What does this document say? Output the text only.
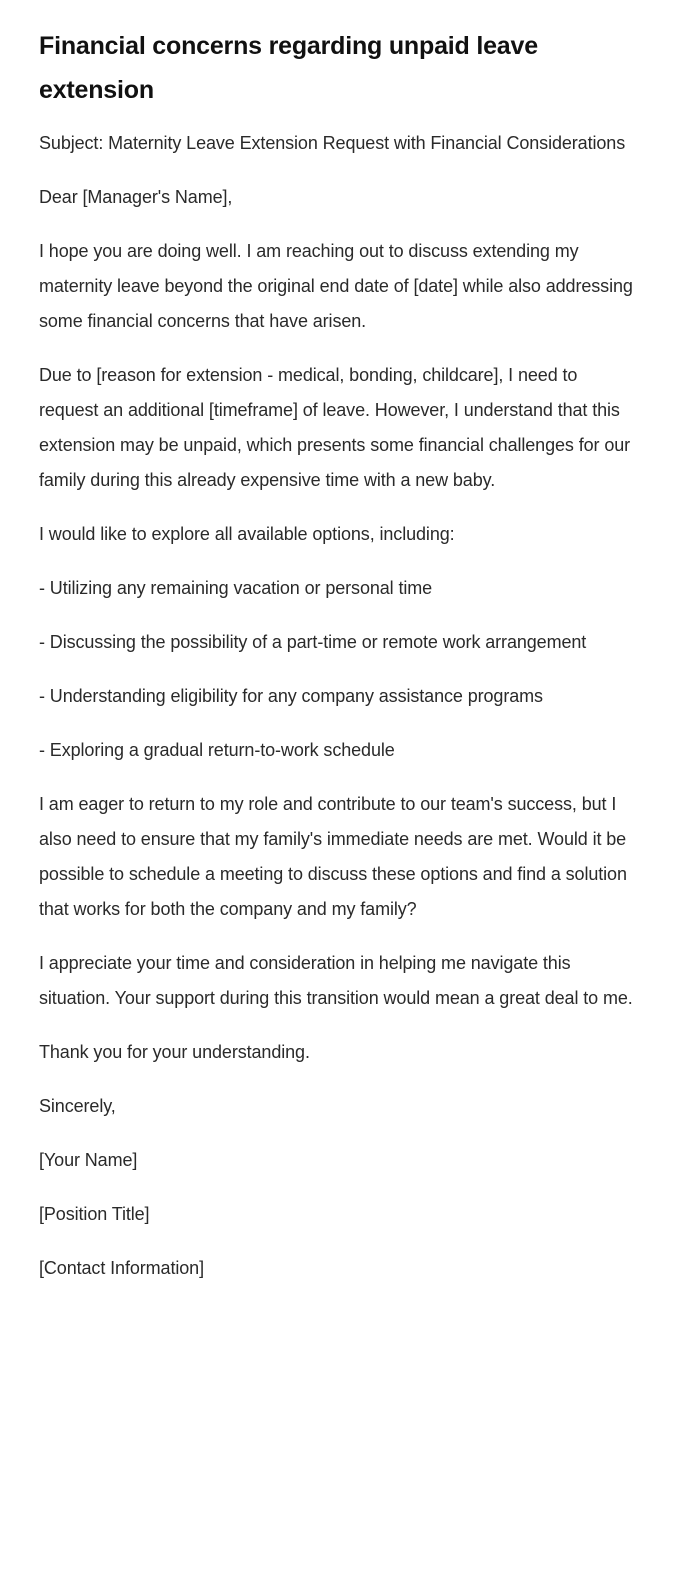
Financial concerns regarding unpaid leave extension

Subject: Maternity Leave Extension Request with Financial Considerations

Dear [Manager's Name],

I hope you are doing well. I am reaching out to discuss extending my maternity leave beyond the original end date of [date] while also addressing some financial concerns that have arisen.

Due to [reason for extension - medical, bonding, childcare], I need to request an additional [timeframe] of leave. However, I understand that this extension may be unpaid, which presents some financial challenges for our family during this already expensive time with a new baby.

I would like to explore all available options, including:

- Utilizing any remaining vacation or personal time

- Discussing the possibility of a part-time or remote work arrangement

- Understanding eligibility for any company assistance programs

- Exploring a gradual return-to-work schedule

I am eager to return to my role and contribute to our team's success, but I also need to ensure that my family's immediate needs are met. Would it be possible to schedule a meeting to discuss these options and find a solution that works for both the company and my family?

I appreciate your time and consideration in helping me navigate this situation. Your support during this transition would mean a great deal to me.

Thank you for your understanding.

Sincerely,

[Your Name]

[Position Title]

[Contact Information]
